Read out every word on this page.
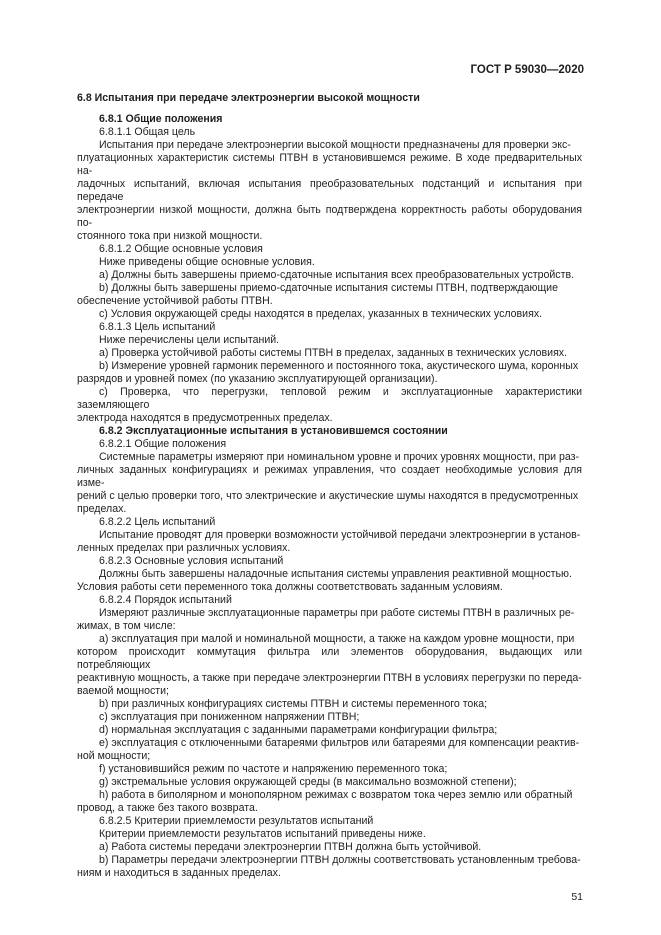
ГОСТ Р 59030—2020
6.8 Испытания при передаче электроэнергии высокой мощности
6.8.1 Общие положения
6.8.1.1 Общая цель
Испытания при передаче электроэнергии высокой мощности предназначены для проверки экс-
плуатационных характеристик системы ПТВН в установившемся режиме. В ходе предварительных на-
ладочных испытаний, включая испытания преобразовательных подстанций и испытания при передаче
электроэнергии низкой мощности, должна быть подтверждена корректность работы оборудования по-
стоянного тока при низкой мощности.
6.8.1.2 Общие основные условия
Ниже приведены общие основные условия.
a) Должны быть завершены приемо-сдаточные испытания всех преобразовательных устройств.
b) Должны быть завершены приемо-сдаточные испытания системы ПТВН, подтверждающие
обеспечение устойчивой работы ПТВН.
c) Условия окружающей среды находятся в пределах, указанных в технических условиях.
6.8.1.3 Цель испытаний
Ниже перечислены цели испытаний.
a) Проверка устойчивой работы системы ПТВН в пределах, заданных в технических условиях.
b) Измерение уровней гармоник переменного и постоянного тока, акустического шума, коронных
разрядов и уровней помех (по указанию эксплуатирующей организации).
c) Проверка, что перегрузки, тепловой режим и эксплуатационные характеристики заземляющего
электрода находятся в предусмотренных пределах.
6.8.2 Эксплуатационные испытания в установившемся состоянии
6.8.2.1 Общие положения
Системные параметры измеряют при номинальном уровне и прочих уровнях мощности, при раз-
личных заданных конфигурациях и режимах управления, что создает необходимые условия для изме-
рений с целью проверки того, что электрические и акустические шумы находятся в предусмотренных
пределах.
6.8.2.2 Цель испытаний
Испытание проводят для проверки возможности устойчивой передачи электроэнергии в установ-
ленных пределах при различных условиях.
6.8.2.3 Основные условия испытаний
Должны быть завершены наладочные испытания системы управления реактивной мощностью.
Условия работы сети переменного тока должны соответствовать заданным условиям.
6.8.2.4 Порядок испытаний
Измеряют различные эксплуатационные параметры при работе системы ПТВН в различных ре-
жимах, в том числе:
a) эксплуатация при малой и номинальной мощности, а также на каждом уровне мощности, при
котором происходит коммутация фильтра или элементов оборудования, выдающих или потребляющих
реактивную мощность, а также при передаче электроэнергии ПТВН в условиях перегрузки по переда-
ваемой мощности;
b) при различных конфигурациях системы ПТВН и системы переменного тока;
c) эксплуатация при пониженном напряжении ПТВН;
d) нормальная эксплуатация с заданными параметрами конфигурации фильтра;
e) эксплуатация с отключенными батареями фильтров или батареями для компенсации реактив-
ной мощности;
f) установившийся режим по частоте и напряжению переменного тока;
g) экстремальные условия окружающей среды (в максимально возможной степени);
h) работа в биполярном и монополярном режимах с возвратом тока через землю или обратный
провод, а также без такого возврата.
6.8.2.5 Критерии приемлемости результатов испытаний
Критерии приемлемости результатов испытаний приведены ниже.
a) Работа системы передачи электроэнергии ПТВН должна быть устойчивой.
b) Параметры передачи электроэнергии ПТВН должны соответствовать установленным требова-
ниям и находиться в заданных пределах.
51
